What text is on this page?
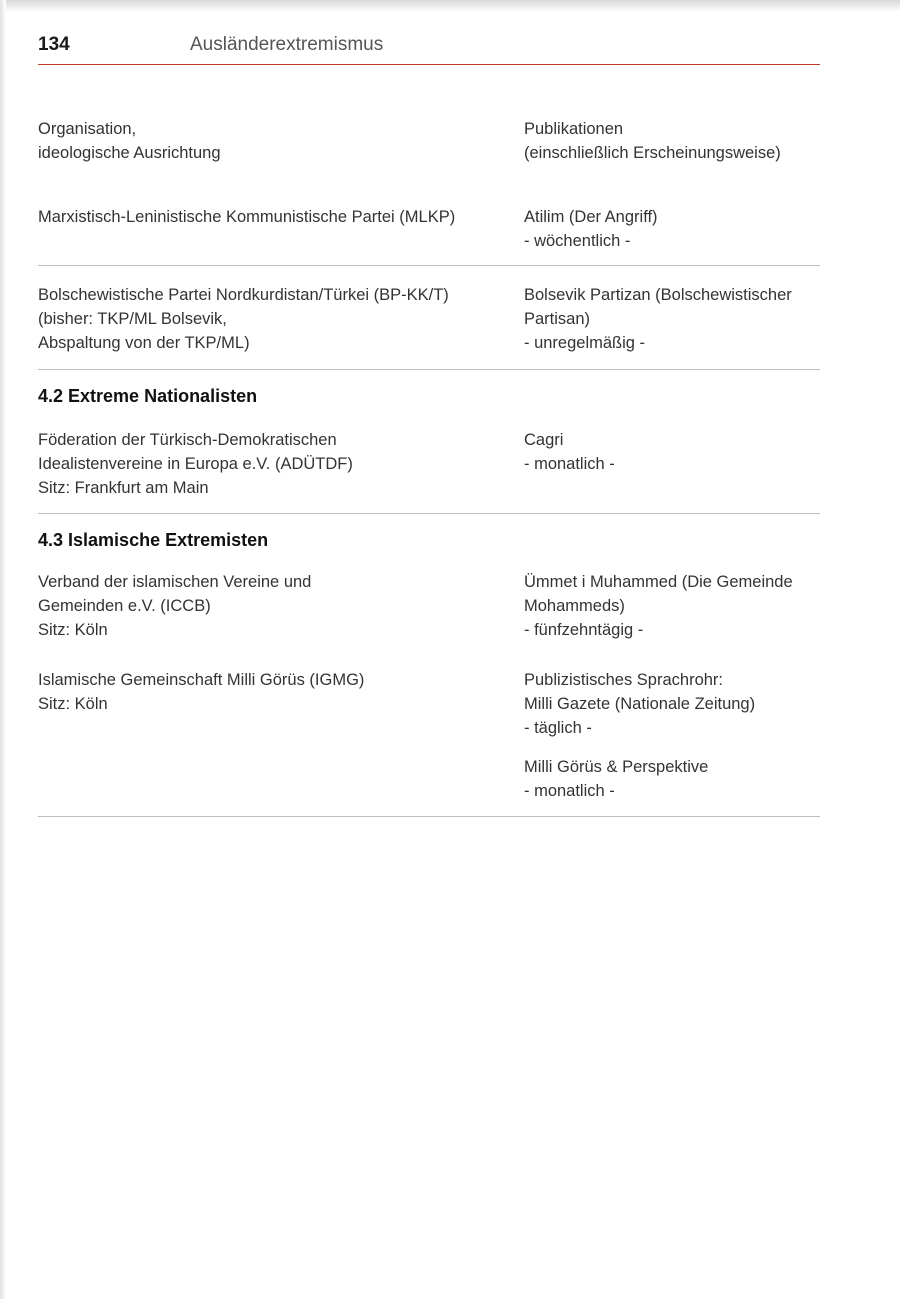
134	Ausländerextremismus
Organisation,
ideologische Ausrichtung
Publikationen
(einschließlich Erscheinungsweise)
Marxistisch-Leninistische Kommunistische Partei (MLKP)	Atilim (Der Angriff)
- wöchentlich -
Bolschewistische Partei Nordkurdistan/Türkei (BP-KK/T)
(bisher: TKP/ML Bolsevik,
Abspaltung von der TKP/ML)
Bolsevik Partizan (Bolschewistischer
Partisan)
- unregelmäßig -
4.2 Extreme Nationalisten
Föderation der Türkisch-Demokratischen
Idealistenvereine in Europa e.V. (ADÜTDF)
Sitz: Frankfurt am Main
Cagri
- monatlich -
4.3 Islamische Extremisten
Verband der islamischen Vereine und
Gemeinden e.V. (ICCB)
Sitz: Köln
Ümmet i Muhammed (Die Gemeinde
Mohammeds)
- fünfzehntägig -
Islamische Gemeinschaft Milli Görüs (IGMG)
Sitz: Köln
Publizistisches Sprachrohr:
Milli Gazete (Nationale Zeitung)
- täglich -
Milli Görüs & Perspektive
- monatlich -
